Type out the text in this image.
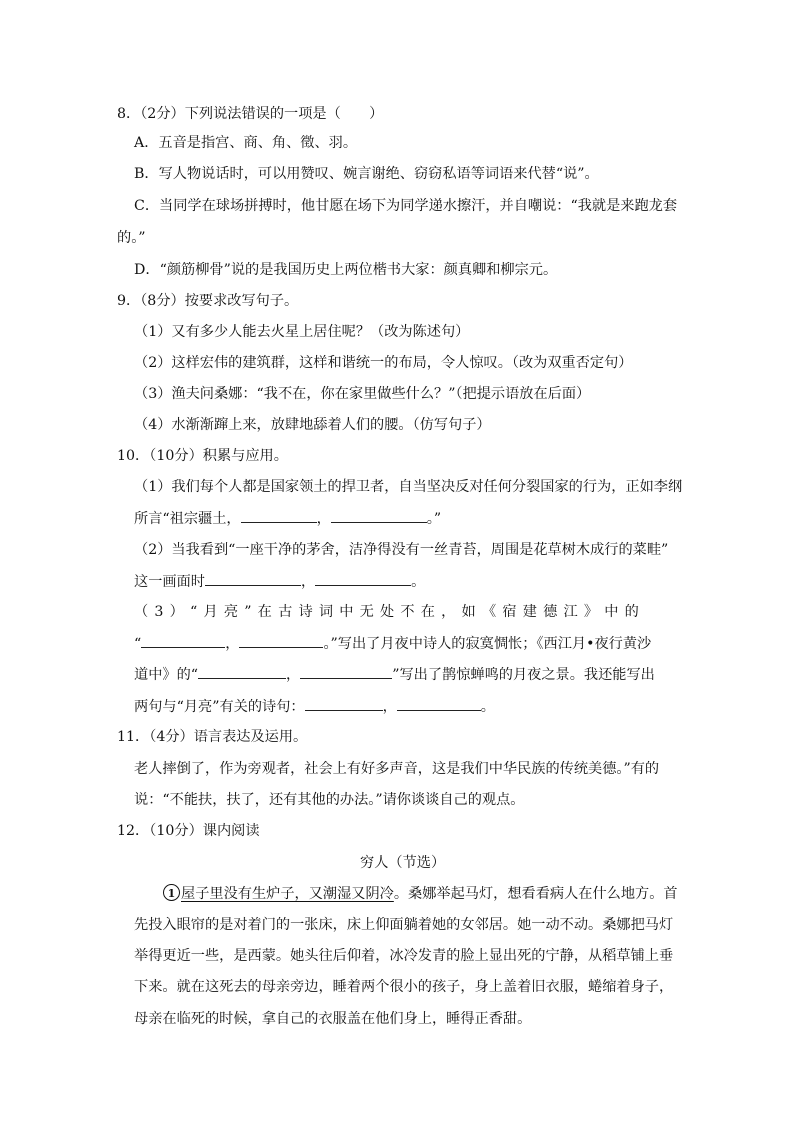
8．（2分）下列说法错误的一项是（　　）
A．五音是指宫、商、角、徵、羽。
B．写人物说话时，可以用赞叹、婉言谢绝、窃窃私语等词语来代替“说”。
C．当同学在球场拼搏时，他甘愿在场下为同学递水擦汗，并自嘲说：“我就是来跑龙套
的。”
D．“颜筋柳骨”说的是我国历史上两位楷书大家：颜真卿和柳宗元。
9．（8分）按要求改写句子。
（1）又有多少人能去火星上居住呢？（改为陈述句）
（2）这样宏伟的建筑群，这样和谐统一的布局，令人惊叹。（改为双重否定句）
（3）渔夫问桑娜：“我不在，你在家里做些什么？”（把提示语放在后面）
（4）水渐渐蹿上来，放肆地舔着人们的腰。（仿写句子）
10．（10分）积累与应用。
（1）我们每个人都是国家领土的捍卫者，自当坚决反对任何分裂国家的行为，正如李纲
所言“祖宗疆土，	，	。”
（2）当我看到“一座干净的茅舍，洁净得没有一丝青苔，周围是花草树木成行的菜畦”
这一画面时	，	。
（3）“月亮”在古诗词中无处不在，如《宿建德江》中的
“	，	。”写出了月夜中诗人的寂寞惆怅；《西江月•夜行黄沙
道中》的“	，	”写出了鹊惊蝉鸣的月夜之景。我还能写出
两句与“月亮”有关的诗句：	，	。
11．（4分）语言表达及运用。
老人摔倒了，作为旁观者，社会上有好多声音，这是我们中华民族的传统美德。”有的
说：“不能扶，扶了，还有其他的办法。”请你谈谈自己的观点。
12．（10分）课内阅读
穷人（节选）
1 屋子里没有生炉子，又潮湿又阴冷。桑娜举起马灯，想看看病人在什么地方。首
先投入眼帘的是对着门的一张床，床上仰面躺着她的女邻居。她一动不动。桑娜把马灯
举得更近一些，是西蒙。她头往后仰着，冰冷发青的脸上显出死的宁静，从稻草铺上垂
下来。就在这死去的母亲旁边，睡着两个很小的孩子，身上盖着旧衣服，蜷缩着身子，
母亲在临死的时候，拿自己的衣服盖在他们身上，睡得正香甜。
